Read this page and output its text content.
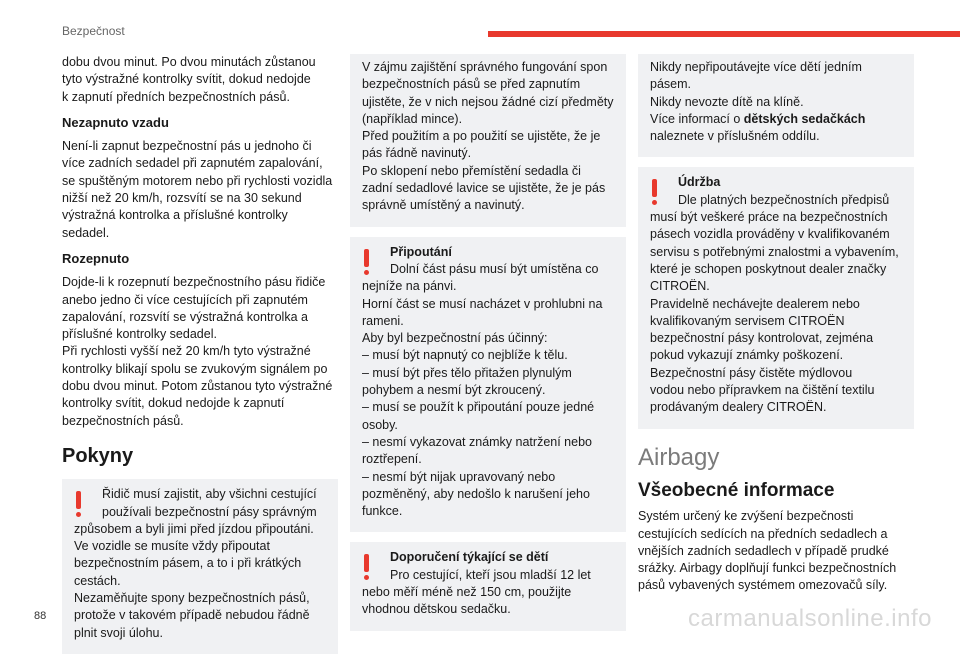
Bezpečnost

dobu dvou minut. Po dvou minutách zůstanou
tyto výstražné kontrolky svítit, dokud nedojde
k zapnutí předních bezpečnostních pásů.

Nezapnuto vzadu

Není-li zapnut bezpečnostní pás u jednoho či
více zadních sedadel při zapnutém zapalování,
se spuštěným motorem nebo při rychlosti vozidla
nižší než 20 km/h, rozsvítí se na 30 sekund
výstražná kontrolka a příslušné kontrolky
sedadel.

Rozepnuto

Dojde-li k rozepnutí bezpečnostního pásu řidiče
anebo jedno či více cestujících při zapnutém
zapalování, rozsvítí se výstražná kontrolka a
příslušné kontrolky sedadel.
Při rychlosti vyšší než 20 km/h tyto výstražné
kontrolky blikají spolu se zvukovým signálem po
dobu dvou minut. Potom zůstanou tyto výstražné
kontrolky svítit, dokud nedojde k zapnutí
bezpečnostních pásů.

Pokyny

Řidič musí zajistit, aby všichni cestující
používali bezpečnostní pásy správným

způsobem a byli jimi před jízdou připoutáni.
Ve vozidle se musíte vždy připoutat
bezpečnostním pásem, a to i při krátkých
cestách.
Nezaměňujte spony bezpečnostních pásů,
protože v takovém případě nebudou řádně
plnit svoji úlohu.

V zájmu zajištění správného fungování spon
bezpečnostních pásů se před zapnutím
ujistěte, že v nich nejsou žádné cizí předměty
(například mince).
Před použitím a po použití se ujistěte, že je
pás řádně navinutý.
Po sklopení nebo přemístění sedadla či
zadní sedadlové lavice se ujistěte, že je pás
správně umístěný a navinutý.

Připoutání

Dolní část pásu musí být umístěna co

nejníže na pánvi.
Horní část se musí nacházet v prohlubni na
rameni.
Aby byl bezpečnostní pás účinný:
– musí být napnutý co nejblíže k tělu.
– musí být přes tělo přitažen plynulým
pohybem a nesmí být zkroucený.
– musí se použít k připoutání pouze jedné
osoby.
– nesmí vykazovat známky natržení nebo
roztřepení.
– nesmí být nijak upravovaný nebo
pozměněný, aby nedošlo k narušení jeho
funkce.

Doporučení týkající se dětí

Pro cestující, kteří jsou mladší 12 let

nebo měří méně než 150 cm, použijte
vhodnou dětskou sedačku.

Nikdy nepřipoutávejte více dětí jedním
pásem.
Nikdy nevozte dítě na klíně.
Více informací o dětských sedačkách
naleznete v příslušném oddílu.

Údržba

Dle platných bezpečnostních předpisů

musí být veškeré práce na bezpečnostních
pásech vozidla prováděny v kvalifikovaném
servisu s potřebnými znalostmi a vybavením,
které je schopen poskytnout dealer značky
CITROËN.
Pravidelně nechávejte dealerem nebo
kvalifikovaným servisem CITROËN
bezpečnostní pásy kontrolovat, zejména
pokud vykazují známky poškození.
Bezpečnostní pásy čistěte mýdlovou
vodou nebo přípravkem na čištění textilu
prodávaným dealery CITROËN.

Airbagy
Všeobecné informace

Systém určený ke zvýšení bezpečnosti
cestujících sedících na předních sedadlech a
vnějších zadních sedadlech v případě prudké
srážky. Airbagy doplňují funkci bezpečnostních
pásů vybavených systémem omezovačů síly.

88	carmanualsonline.info
